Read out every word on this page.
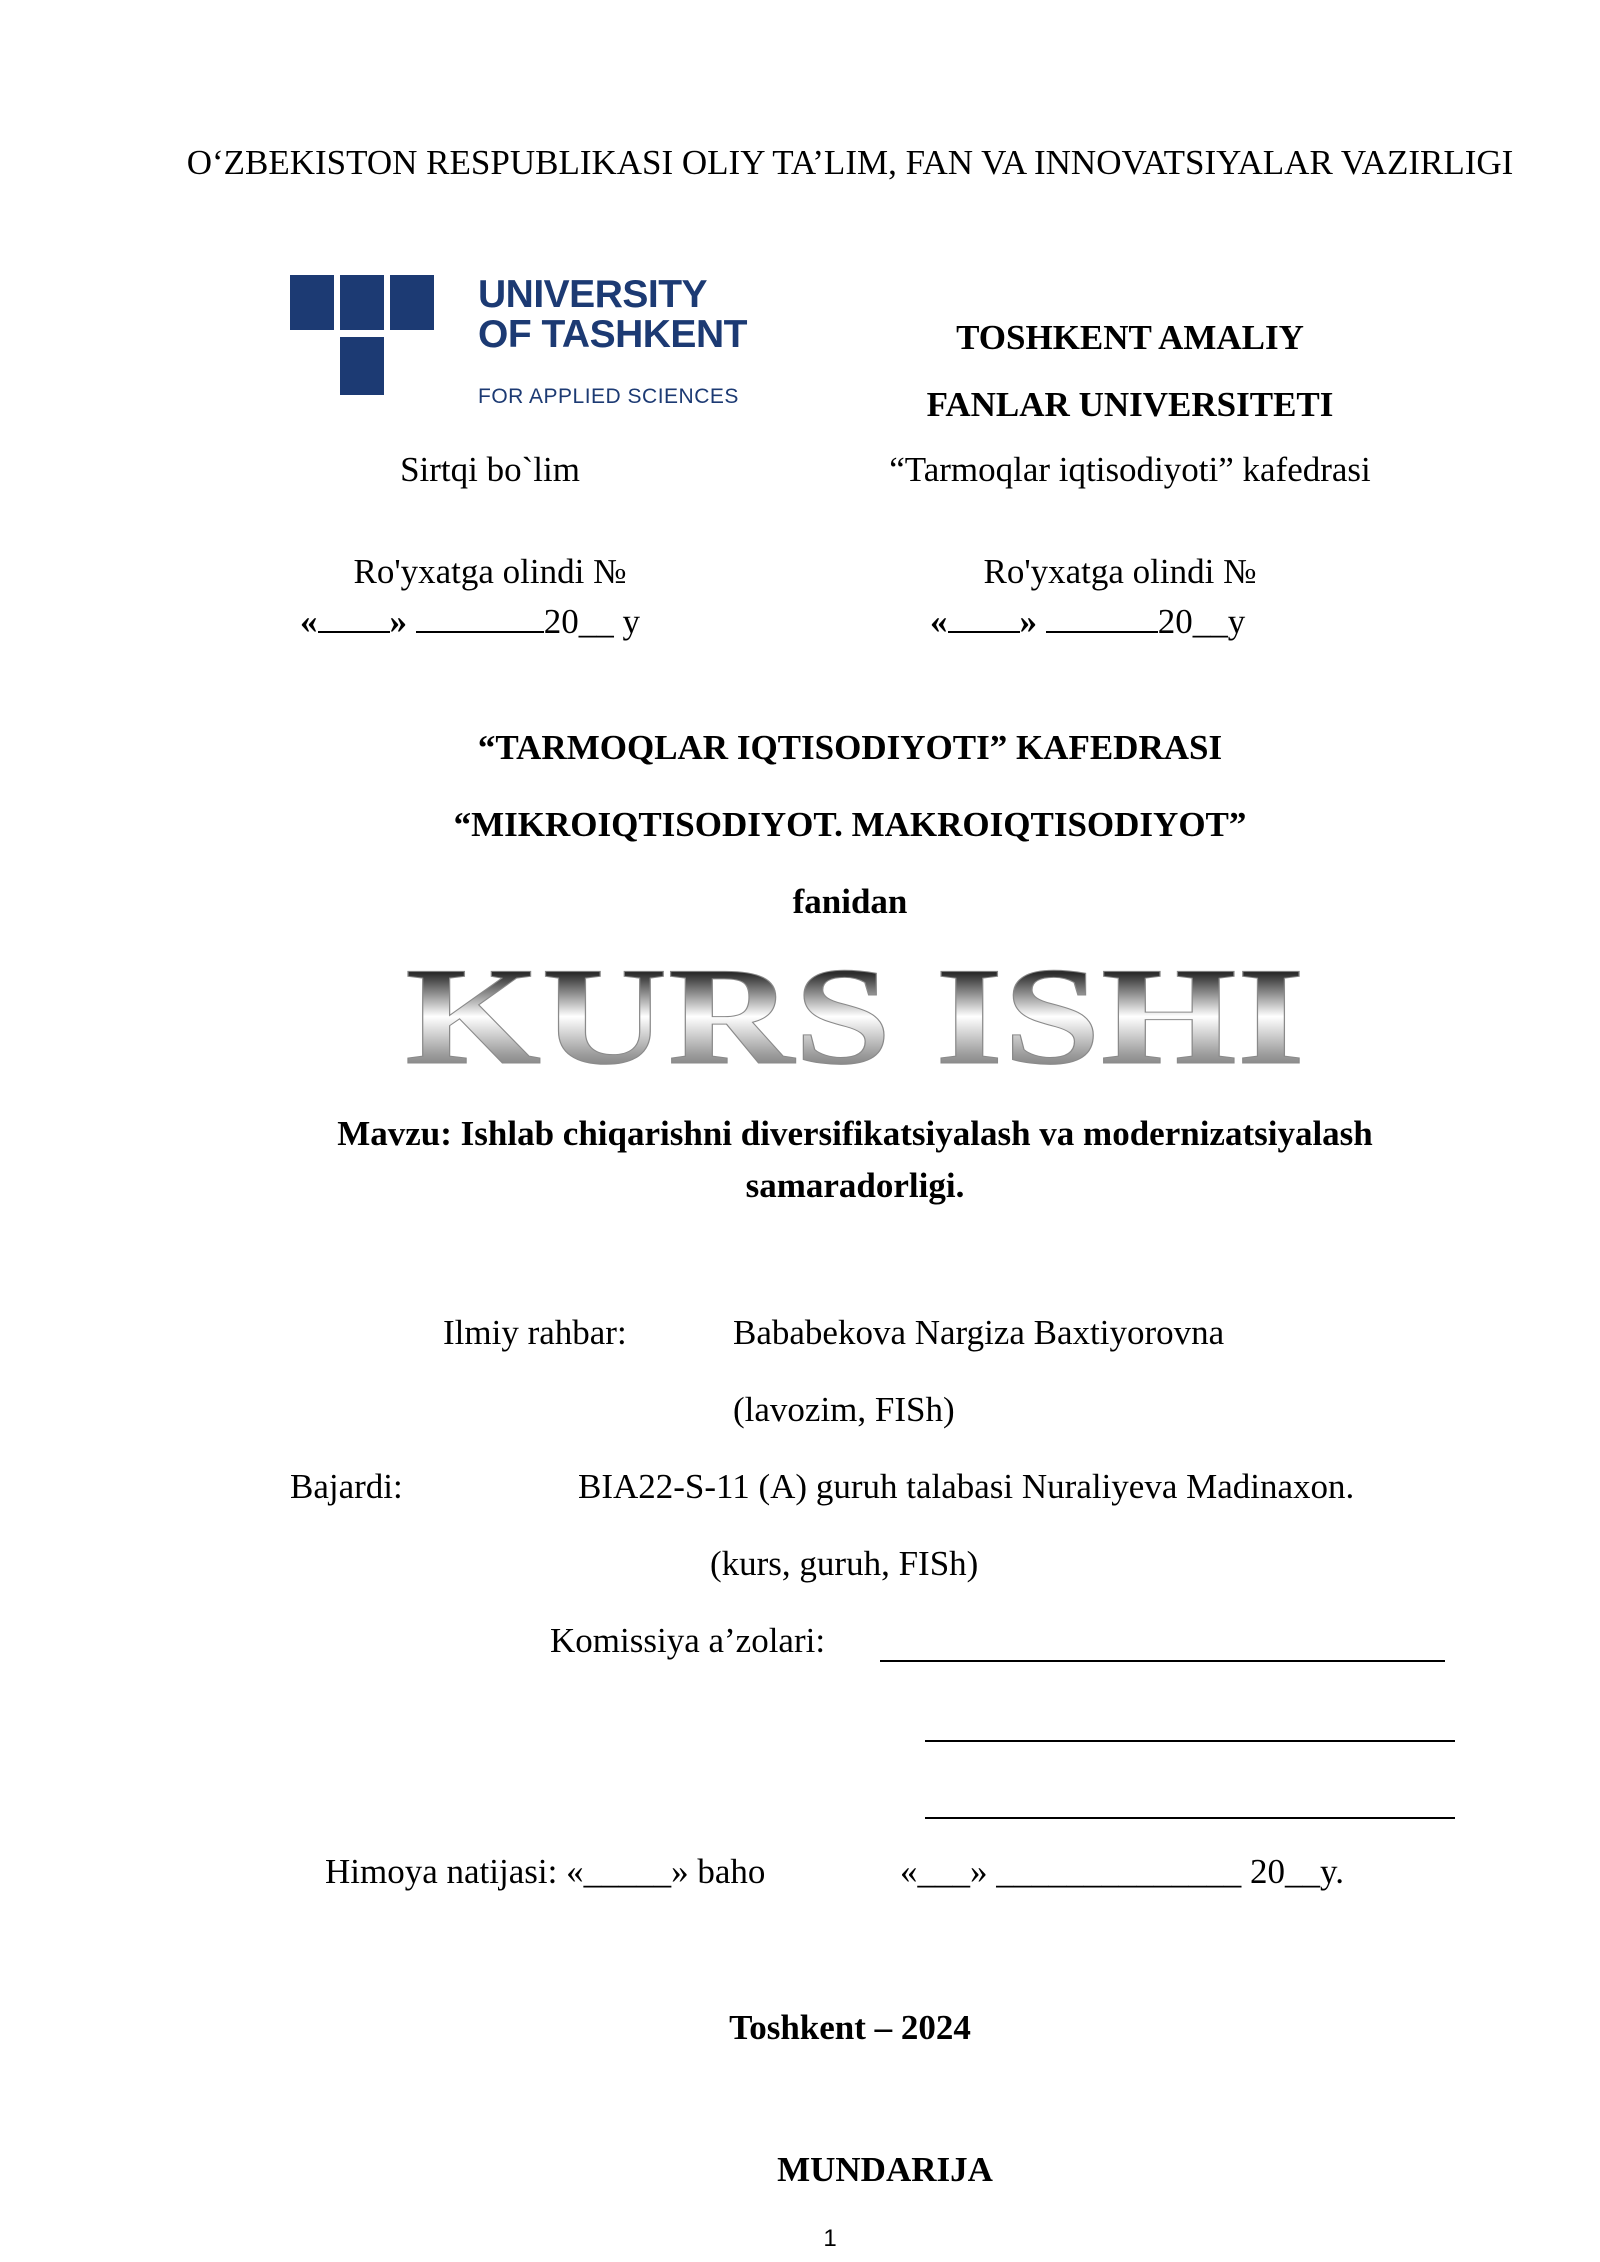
O‘ZBEKISTON RESPUBLIKASI OLIY TA’LIM, FAN VA INNOVATSIYALAR VAZIRLIGI
UNIVERSITY
OF TASHKENT
FOR APPLIED SCIENCES
TOSHKENT AMALIY
FANLAR UNIVERSITETI
Sirtqi bo`lim	“Tarmoqlar iqtisodiyoti” kafedrasi
Ro'yxatga olindi №	Ro'yxatga olindi №
« »	20__ y	« »	20__y
“TARMOQLAR IQTISODIYOTI” KAFEDRASI
“MIKROIQTISODIYOT. MAKROIQTISODIYOT”
fanidan
KURS ISHI
Mavzu: Ishlab chiqarishni diversifikatsiyalash va modernizatsiyalash samaradorligi.
Ilmiy rahbar:	Bababekova Nargiza Baxtiyorovna
(lavozim, FISh)
Bajardi:	BIA22-S-11 (A) guruh talabasi Nuraliyeva Madinaxon.
(kurs, guruh, FISh)
Komissiya a’zolari:
Himoya natijasi: «_____» baho	«___» ______________ 20__y.
Toshkent – 2024
MUNDARIJA
1
